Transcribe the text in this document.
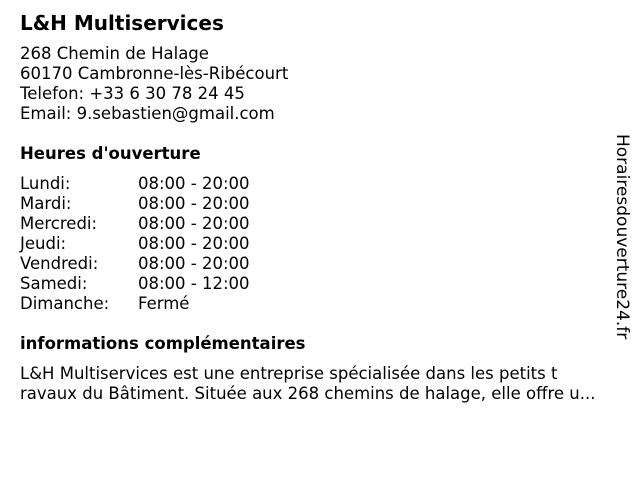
L&H Multiservices
268 Chemin de Halage
60170 Cambronne-lès-Ribécourt
Telefon: +33 6 30 78 24 45
Email: 9.sebastien@gmail.com
Heures d'ouverture
Lundi:	08:00 - 20:00
Mardi:	08:00 - 20:00
Mercredi:	08:00 - 20:00
Jeudi:	08:00 - 20:00
Vendredi:	08:00 - 20:00
Samedi:	08:00 - 12:00
Dimanche:	Fermé
informations complémentaires
L&H Multiservices est une entreprise spécialisée dans les petits t
ravaux du Bâtiment. Située aux 268 chemins de halage, elle offre u...
Horairesdouverture24.fr
